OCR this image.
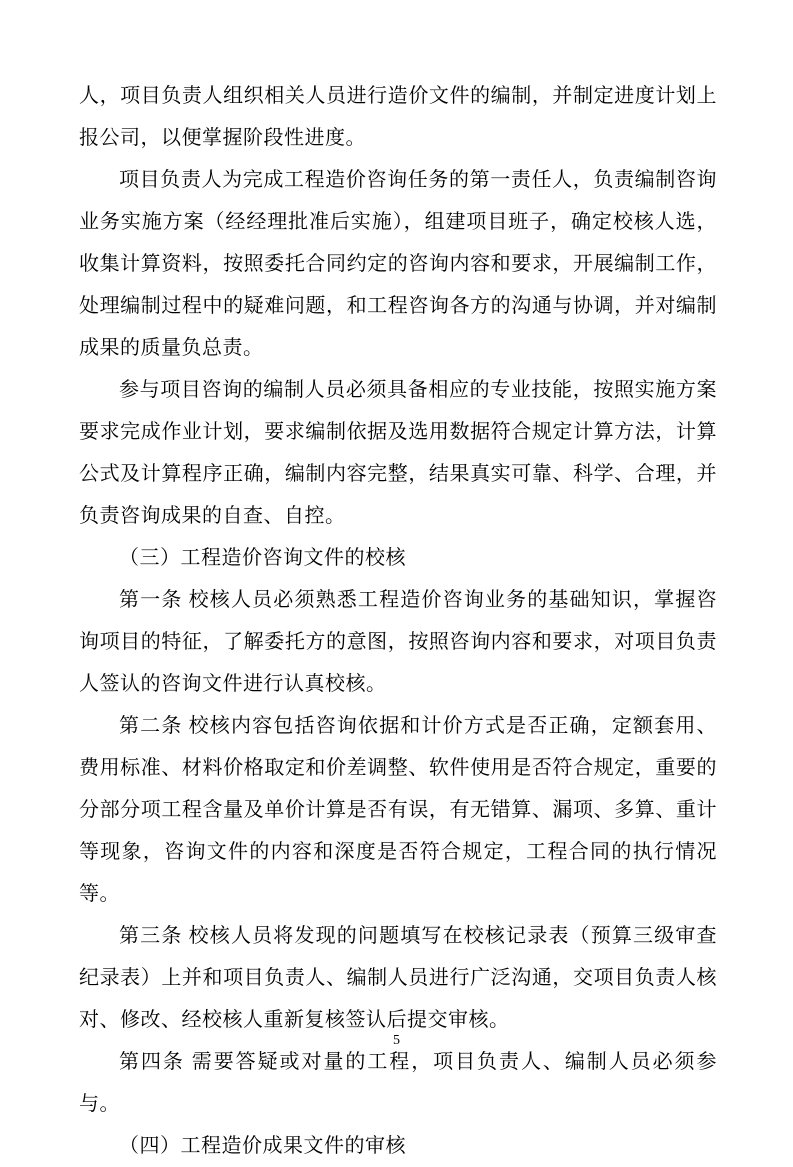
人，项目负责人组织相关人员进行造价文件的编制，并制定进度计划上报公司，以便掌握阶段性进度。

项目负责人为完成工程造价咨询任务的第一责任人，负责编制咨询业务实施方案（经经理批准后实施），组建项目班子，确定校核人选，收集计算资料，按照委托合同约定的咨询内容和要求，开展编制工作，处理编制过程中的疑难问题，和工程咨询各方的沟通与协调，并对编制成果的质量负总责。

参与项目咨询的编制人员必须具备相应的专业技能，按照实施方案要求完成作业计划，要求编制依据及选用数据符合规定计算方法，计算公式及计算程序正确，编制内容完整，结果真实可靠、科学、合理，并负责咨询成果的自查、自控。

（三）工程造价咨询文件的校核

第一条 校核人员必须熟悉工程造价咨询业务的基础知识，掌握咨询项目的特征，了解委托方的意图，按照咨询内容和要求，对项目负责人签认的咨询文件进行认真校核。

第二条 校核内容包括咨询依据和计价方式是否正确，定额套用、费用标准、材料价格取定和价差调整、软件使用是否符合规定，重要的分部分项工程含量及单价计算是否有误，有无错算、漏项、多算、重计等现象，咨询文件的内容和深度是否符合规定，工程合同的执行情况等。

第三条 校核人员将发现的问题填写在校核记录表（预算三级审查纪录表）上并和项目负责人、编制人员进行广泛沟通，交项目负责人核对、修改、经校核人重新复核签认后提交审核。

第四条 需要答疑或对量的工程，项目负责人、编制人员必须参与。

（四）工程造价成果文件的审核

5
